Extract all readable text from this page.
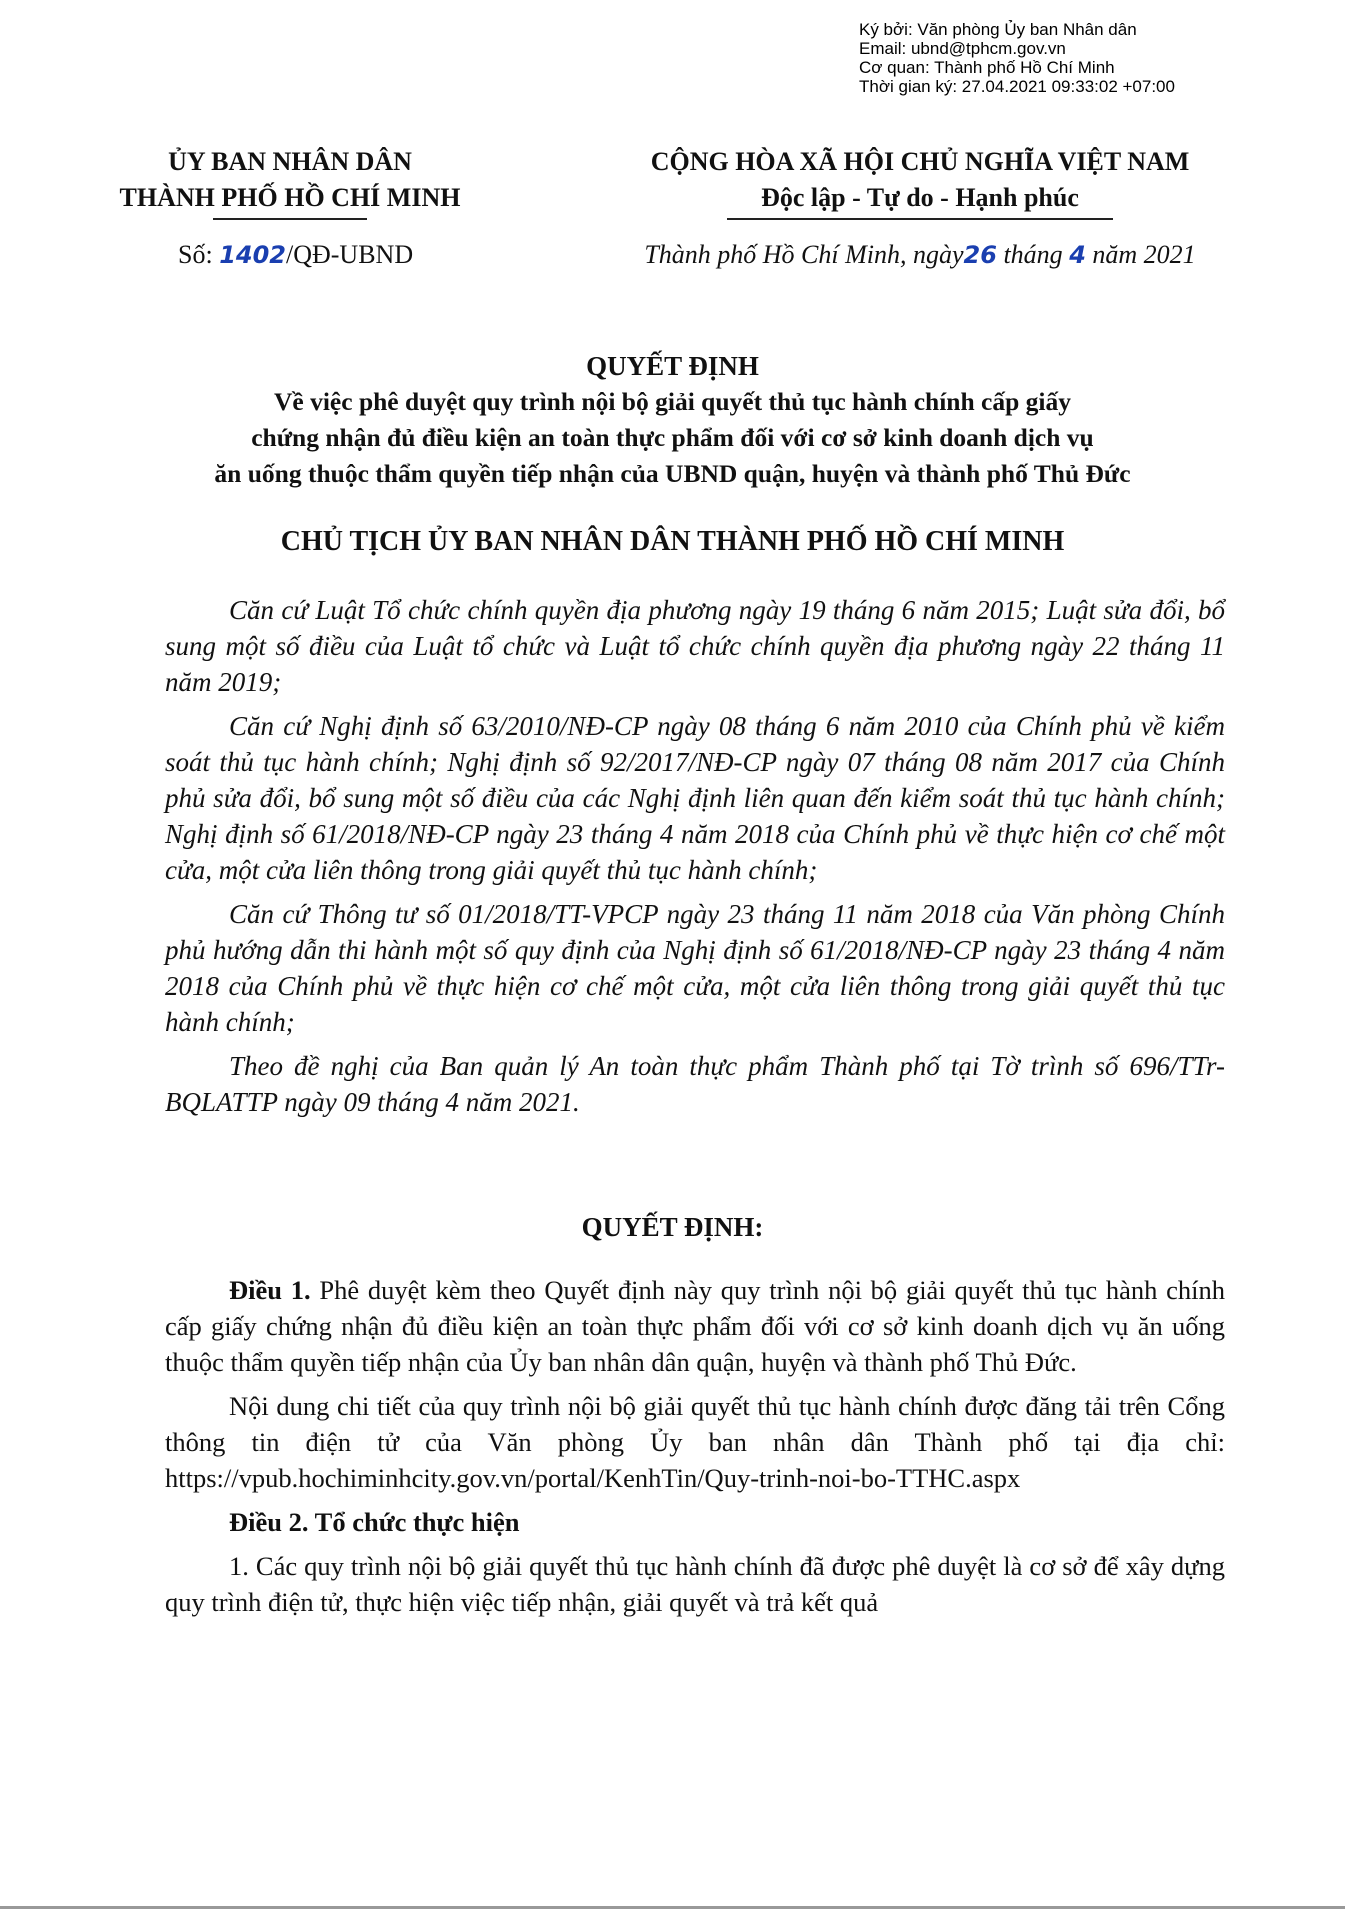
Ký bởi: Văn phòng Ủy ban Nhân dân
Email: ubnd@tphcm.gov.vn
Cơ quan: Thành phố Hồ Chí Minh
Thời gian ký: 27.04.2021 09:33:02 +07:00
ỦY BAN NHÂN DÂN
THÀNH PHỐ HỒ CHÍ MINH
CỘNG HÒA XÃ HỘI CHỦ NGHĨA VIỆT NAM
Độc lập - Tự do - Hạnh phúc
Số: 1402/QĐ-UBND	Thành phố Hồ Chí Minh, ngày26 tháng 4 năm 2021
QUYẾT ĐỊNH
Về việc phê duyệt quy trình nội bộ giải quyết thủ tục hành chính cấp giấy
chứng nhận đủ điều kiện an toàn thực phẩm đối với cơ sở kinh doanh dịch vụ
ăn uống thuộc thẩm quyền tiếp nhận của UBND quận, huyện và thành phố Thủ Đức
CHỦ TỊCH ỦY BAN NHÂN DÂN THÀNH PHỐ HỒ CHÍ MINH

Căn cứ Luật Tổ chức chính quyền địa phương ngày 19 tháng 6 năm 2015; Luật sửa đổi, bổ sung một số điều của Luật tổ chức và Luật tổ chức chính quyền địa phương ngày 22 tháng 11 năm 2019;

Căn cứ Nghị định số 63/2010/NĐ-CP ngày 08 tháng 6 năm 2010 của Chính phủ về kiểm soát thủ tục hành chính; Nghị định số 92/2017/NĐ-CP ngày 07 tháng 08 năm 2017 của Chính phủ sửa đổi, bổ sung một số điều của các Nghị định liên quan đến kiểm soát thủ tục hành chính; Nghị định số 61/2018/NĐ-CP ngày 23 tháng 4 năm 2018 của Chính phủ về thực hiện cơ chế một cửa, một cửa liên thông trong giải quyết thủ tục hành chính;

Căn cứ Thông tư số 01/2018/TT-VPCP ngày 23 tháng 11 năm 2018 của Văn phòng Chính phủ hướng dẫn thi hành một số quy định của Nghị định số 61/2018/NĐ-CP ngày 23 tháng 4 năm 2018 của Chính phủ về thực hiện cơ chế một cửa, một cửa liên thông trong giải quyết thủ tục hành chính;

Theo đề nghị của Ban quản lý An toàn thực phẩm Thành phố tại Tờ trình số 696/TTr-BQLATTP ngày 09 tháng 4 năm 2021.

QUYẾT ĐỊNH:

Điều 1. Phê duyệt kèm theo Quyết định này quy trình nội bộ giải quyết thủ tục hành chính cấp giấy chứng nhận đủ điều kiện an toàn thực phẩm đối với cơ sở kinh doanh dịch vụ ăn uống thuộc thẩm quyền tiếp nhận của Ủy ban nhân dân quận, huyện và thành phố Thủ Đức.

Nội dung chi tiết của quy trình nội bộ giải quyết thủ tục hành chính được đăng tải trên Cổng thông tin điện tử của Văn phòng Ủy ban nhân dân Thành phố tại địa chỉ: https://vpub.hochiminhcity.gov.vn/portal/KenhTin/Quy-trinh-noi-bo-TTHC.aspx

Điều 2. Tổ chức thực hiện

1. Các quy trình nội bộ giải quyết thủ tục hành chính đã được phê duyệt là cơ sở để xây dựng quy trình điện tử, thực hiện việc tiếp nhận, giải quyết và trả kết quả
